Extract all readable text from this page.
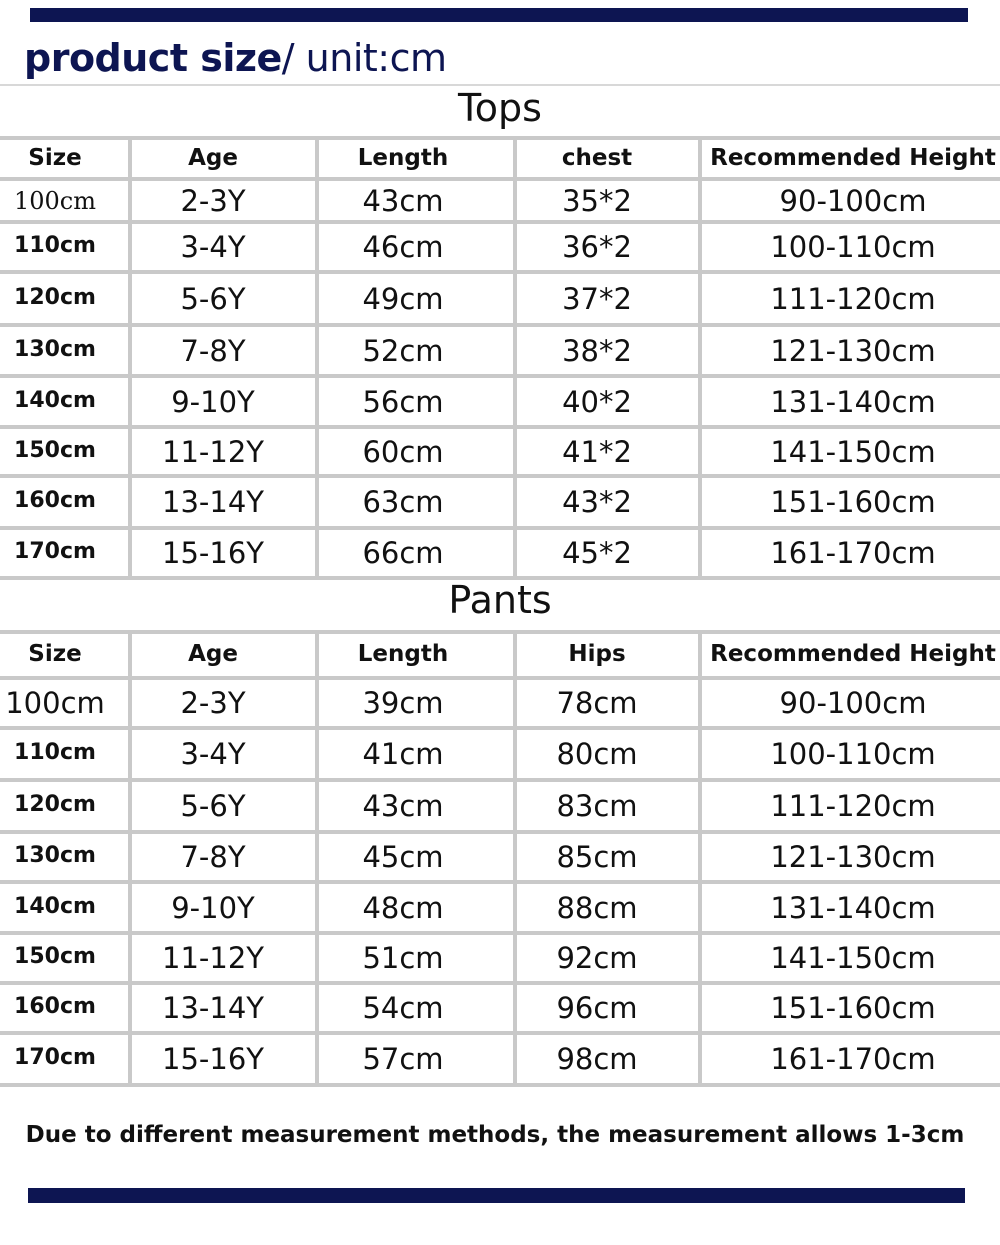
product size/ unit:cm
Tops
Size	Age	Length	chest	Recommended Height
100cm	2-3Y	43cm	35*2	90-100cm
110cm	3-4Y	46cm	36*2	100-110cm
120cm	5-6Y	49cm	37*2	111-120cm
130cm	7-8Y	52cm	38*2	121-130cm
140cm	9-10Y	56cm	40*2	131-140cm
150cm 11-12Y	60cm	41*2	141-150cm
160cm 13-14Y	63cm	43*2	151-160cm
170cm 15-16Y	66cm	45*2	161-170cm
Pants
Size	Age	Length	Hips	Recommended Height
100cm	2-3Y	39cm	78cm	90-100cm
110cm	3-4Y	41cm	80cm	100-110cm
120cm	5-6Y	43cm	83cm	111-120cm
130cm	7-8Y	45cm	85cm	121-130cm
140cm	9-10Y	48cm	88cm	131-140cm
150cm 11-12Y	51cm	92cm	141-150cm
160cm 13-14Y	54cm	96cm	151-160cm
170cm 15-16Y	57cm	98cm	161-170cm
Due to different measurement methods, the measurement allows 1-3cm
